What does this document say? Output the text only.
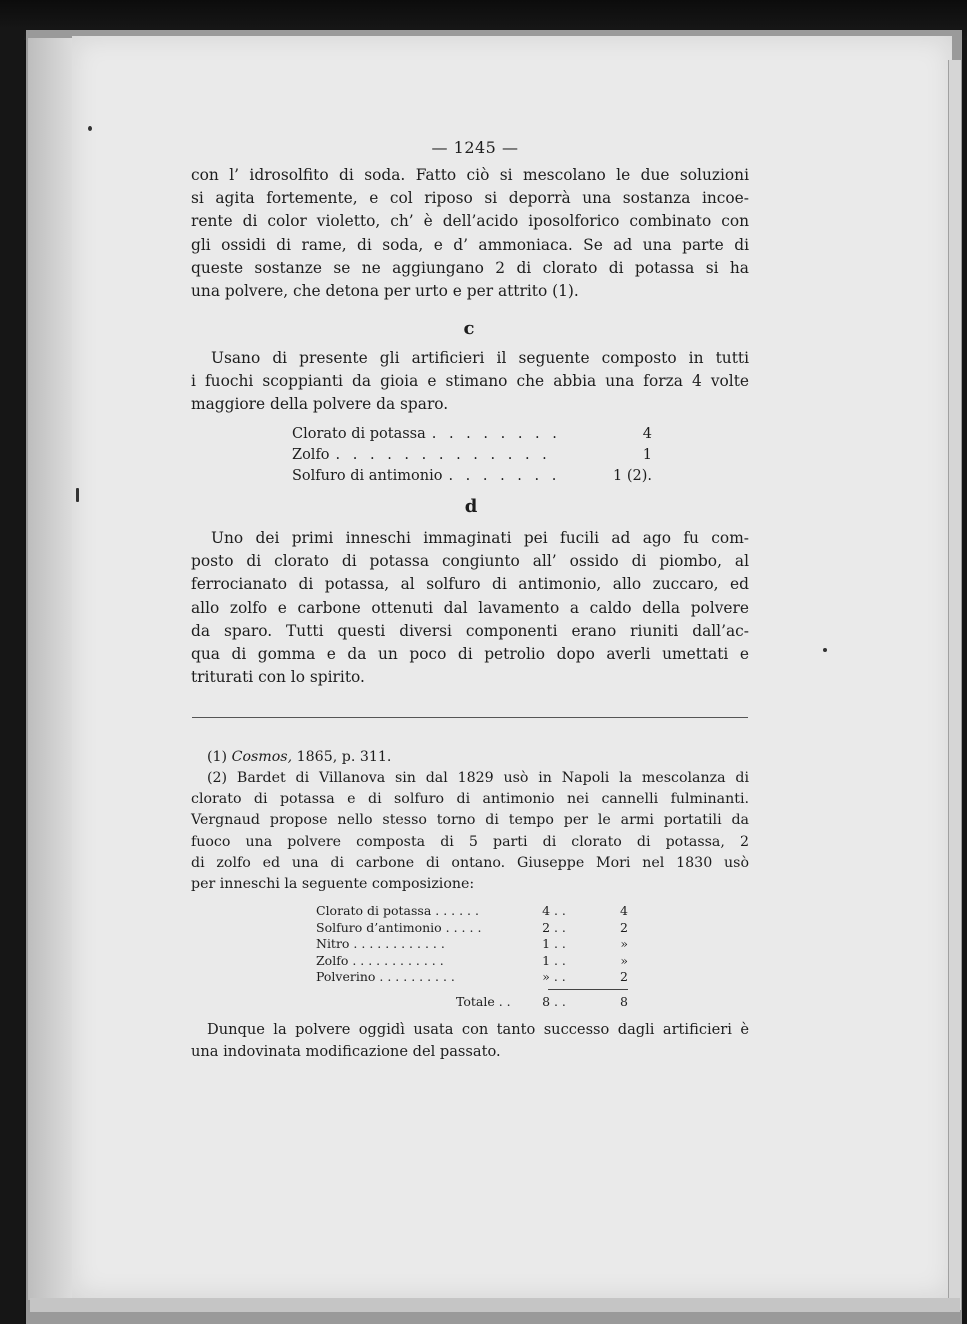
— 1245 —
con l’ idrosolfito di soda. Fatto ciò si mescolano le due soluzioni
si agita fortemente, e col riposo si deporrà una sostanza incoe-
rente di color violetto, ch’ è dell’acido iposolforico combinato con
gli ossidi di rame, di soda, e d’ ammoniaca. Se ad una parte di
queste sostanze se ne aggiungano 2 di clorato di potassa si ha
una polvere, che detona per urto e per attrito (1).
c
Usano di presente gli artificieri il seguente composto in tutti
i fuochi scoppianti da gioia e stimano che abbia una forza 4 volte
maggiore della polvere da sparo.
Clorato di potassa . . . . . . . .	4
Zolfo . . . . . . . . . . . . .	1
Solfuro di antimonio . . . . . . .	1 (2).
d
Uno dei primi inneschi immaginati pei fucili ad ago fu com-
posto di clorato di potassa congiunto all’ ossido di piombo, al
ferrocianato di potassa, al solfuro di antimonio, allo zuccaro, ed
allo zolfo e carbone ottenuti dal lavamento a caldo della polvere
da sparo. Tutti questi diversi componenti erano riuniti dall’ac-
qua di gomma e da un poco di petrolio dopo averli umettati e
triturati con lo spirito.
(1) Cosmos, 1865, p. 311.
(2) Bardet di Villanova sin dal 1829 usò in Napoli la mescolanza di
clorato di potassa e di solfuro di antimonio nei cannelli fulminanti.
Vergnaud propose nello stesso torno di tempo per le armi portatili da
fuoco una polvere composta di 5 parti di clorato di potassa, 2
di zolfo ed una di carbone di ontano. Giuseppe Mori nel 1830 usò
per inneschi la seguente composizione:
Clorato di potassa . . . . . .	4 . .	4
Solfuro d’antimonio . . . . .	2 . .	2
Nitro . . . . . . . . . . . .	1 . .	»
Zolfo . . . . . . . . . . . .	1 . .	»
Polverino . . . . . . . . . .	» . .	2
Totale . .	8 . .	8
Dunque la polvere oggidì usata con tanto successo dagli artificieri è
una indovinata modificazione del passato.
